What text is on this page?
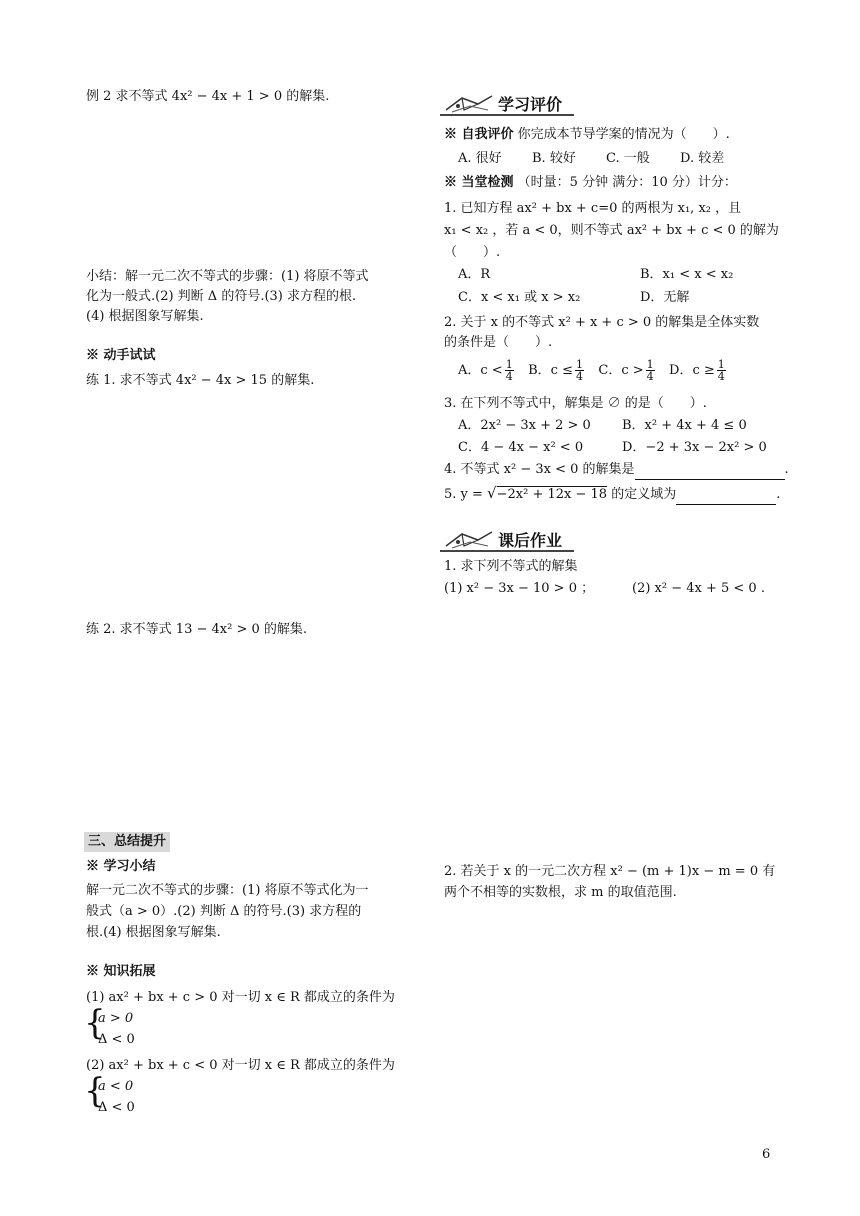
例 2 求不等式 4x² − 4x + 1 > 0 的解集.
小结：解一元二次不等式的步骤：(1) 将原不等式
化为一般式.(2) 判断 Δ 的符号.(3) 求方程的根.
(4) 根据图象写解集.
※ 动手试试
练 1. 求不等式 4x² − 4x > 15 的解集.
练 2. 求不等式 13 − 4x² > 0 的解集.
三、总结提升
※ 学习小结
解一元二次不等式的步骤：(1) 将原不等式化为一
般式（a > 0）.(2) 判断 Δ 的符号.(3) 求方程的
根.(4) 根据图象写解集.
※ 知识拓展
(1) ax² + bx + c > 0 对一切 x ∈ R 都成立的条件为
{
a > 0
Δ < 0
(2) ax² + bx + c < 0 对一切 x ∈ R 都成立的条件为
{
a < 0
Δ < 0
学习评价
※ 自我评价 你完成本节导学案的情况为（　　）.
A. 很好 B. 较好 C. 一般 D. 较差
※ 当堂检测 （时量：5 分钟 满分：10 分）计分：
1. 已知方程 ax² + bx + c=0 的两根为 x₁, x₂ ，且
x₁ < x₂ ，若 a < 0，则不等式 ax² + bx + c < 0 的解为
（　　）.
A．R	B．x₁ < x < x₂
C．x < x₁ 或 x > x₂	D．无解
2. 关于 x 的不等式 x² + x + c > 0 的解集是全体实数
的条件是（　　）.
A．$c < \frac{1}{4}$ B．$c \le \frac{1}{4}$ C．$c > \frac{1}{4}$ D．$c \ge \frac{1}{4}$
3. 在下列不等式中，解集是 ∅ 的是（　　）.
A．2x² − 3x + 2 > 0 B．x² + 4x + 4 ≤ 0
C．4 − 4x − x² < 0	D．−2 + 3x − 2x² > 0
4. 不等式 x² − 3x < 0 的解集是	.
5. y = √−2x² + 12x − 18 的定义域为	.
课后作业
1. 求下列不等式的解集
(1) x² − 3x − 10 > 0 ；	(2) x² − 4x + 5 < 0 .
2. 若关于 x 的一元二次方程 x² − (m + 1)x − m = 0 有
两个不相等的实数根，求 m 的取值范围.
6
